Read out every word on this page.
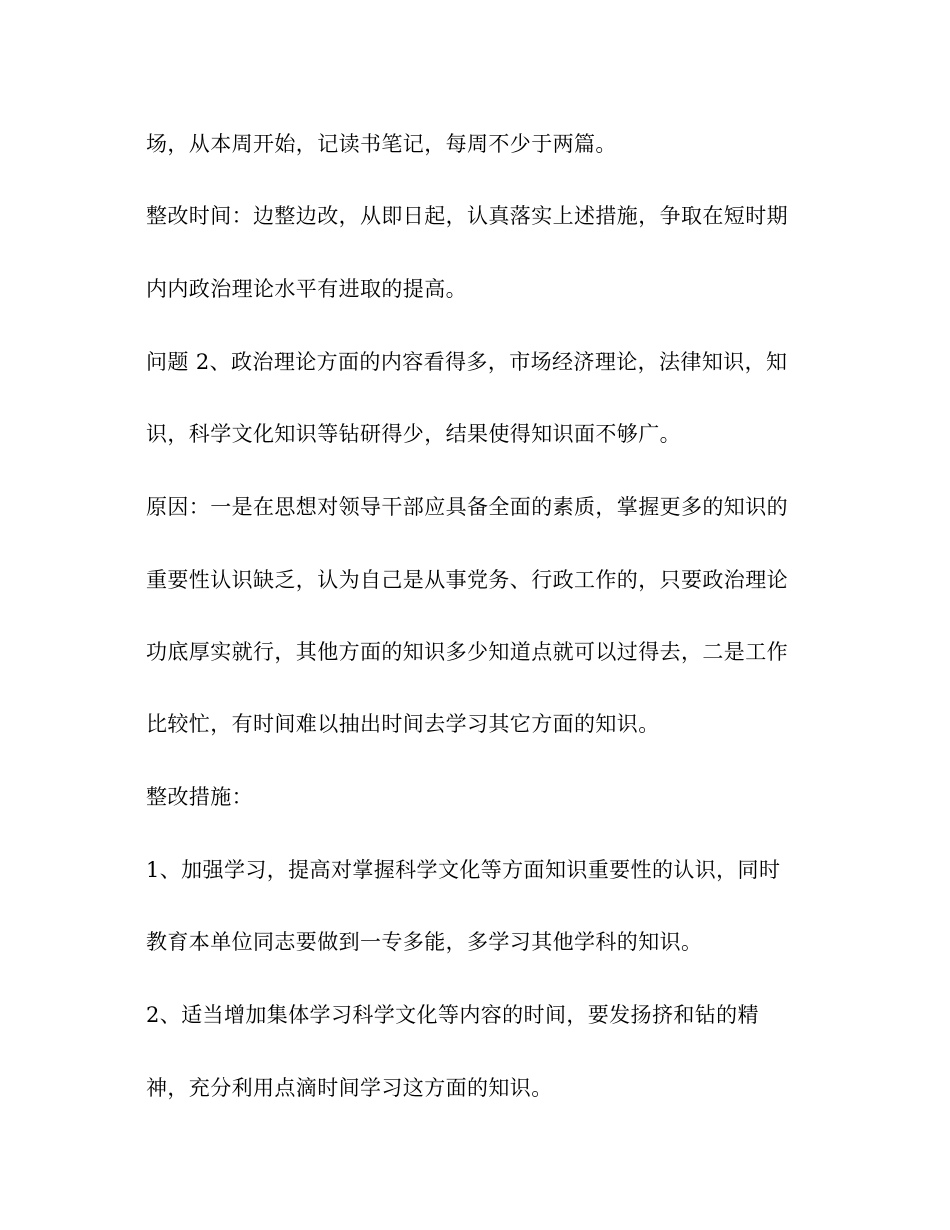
场，从本周开始，记读书笔记，每周不少于两篇。
整改时间：边整边改，从即日起，认真落实上述措施，争取在短时期
内内政治理论水平有进取的提高。
问题 2、政治理论方面的内容看得多，市场经济理论，法律知识，知
识，科学文化知识等钻研得少，结果使得知识面不够广。
原因：一是在思想对领导干部应具备全面的素质，掌握更多的知识的
重要性认识缺乏，认为自己是从事党务、行政工作的，只要政治理论
功底厚实就行，其他方面的知识多少知道点就可以过得去，二是工作
比较忙，有时间难以抽出时间去学习其它方面的知识。
整改措施：
1、加强学习，提高对掌握科学文化等方面知识重要性的认识，同时
教育本单位同志要做到一专多能，多学习其他学科的知识。
2、适当增加集体学习科学文化等内容的时间，要发扬挤和钻的精
神，充分利用点滴时间学习这方面的知识。
